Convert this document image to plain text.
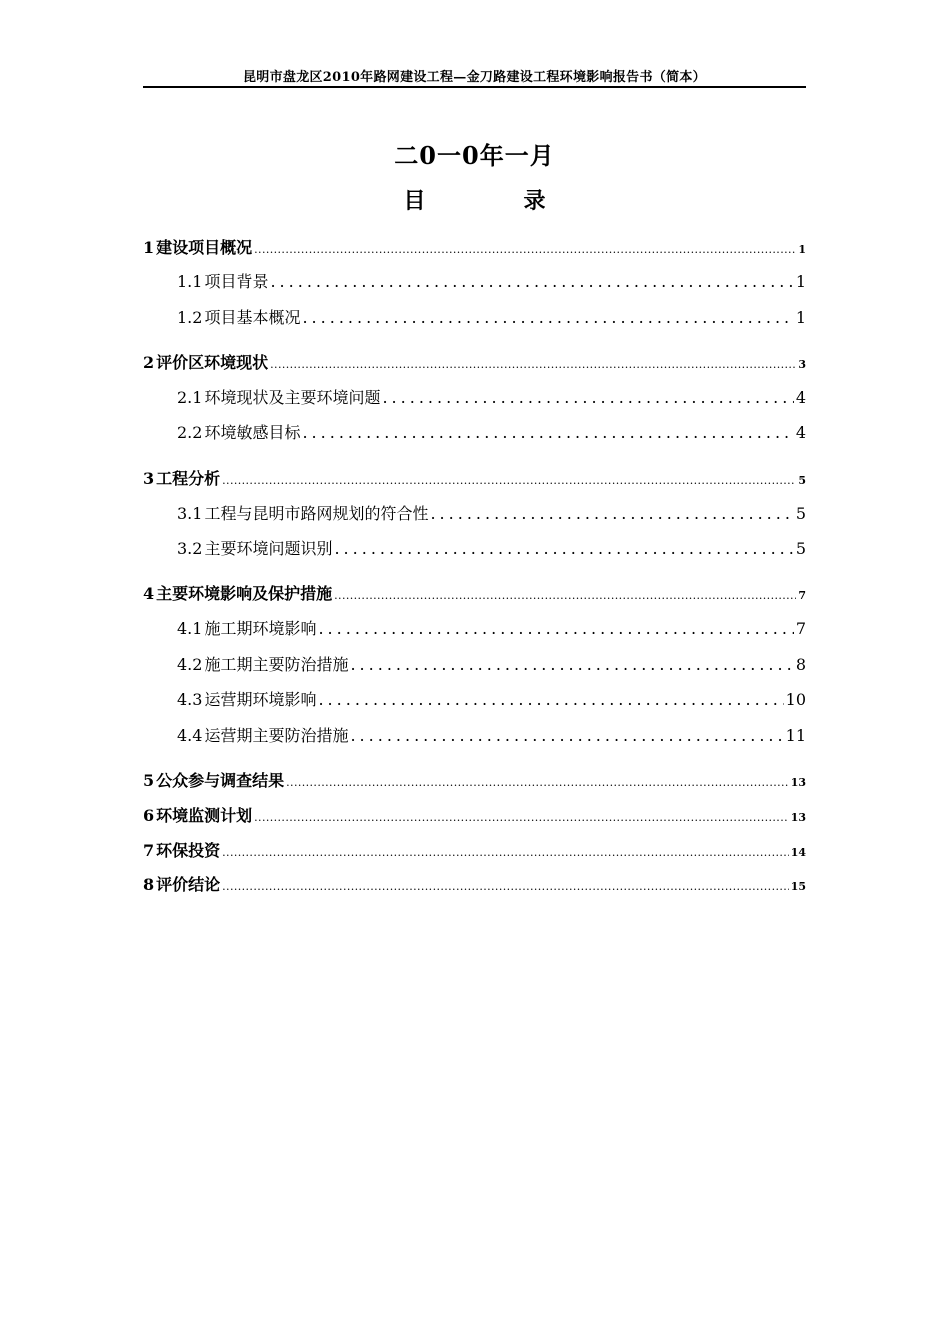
昆明市盘龙区2010年路网建设工程—金刀路建设工程环境影响报告书（简本）
二0一0年一月
目　录
1 建设项目概况 .....	1
1.1 项目背景 .....	1
1.2 项目基本概况 .....	1
2 评价区环境现状 .....	3
2.1 环境现状及主要环境问题 .....	4
2.2 环境敏感目标 .....	4
3 工程分析 .....	5
3.1 工程与昆明市路网规划的符合性 .....	5
3.2 主要环境问题识别 .....	5
4 主要环境影响及保护措施 .....	7
4.1 施工期环境影响 .....	7
4.2 施工期主要防治措施 .....	8
4.3 运营期环境影响 .....	10
4.4 运营期主要防治措施 .....	11
5 公众参与调查结果 .....	13
6 环境监测计划 .....	13
7 环保投资 .....	14
8 评价结论 .....	15
